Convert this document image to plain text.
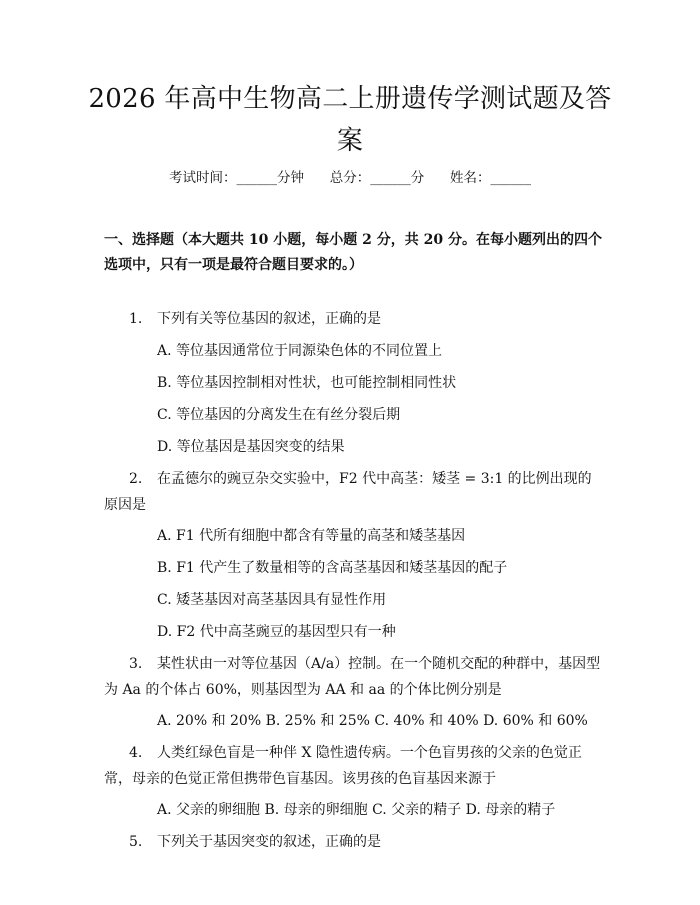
2026 年高中生物高二上册遗传学测试题及答案
考试时间：______分钟      总分：______分      姓名：______
一、选择题（本大题共 10 小题，每小题 2 分，共 20 分。在每小题列出的四个选项中，只有一项是最符合题目要求的。）
1. 下列有关等位基因的叙述，正确的是
A. 等位基因通常位于同源染色体的不同位置上
B. 等位基因控制相对性状，也可能控制相同性状
C. 等位基因的分离发生在有丝分裂后期
D. 等位基因是基因突变的结果
2. 在孟德尔的豌豆杂交实验中，F2 代中高茎：矮茎 = 3:1 的比例出现的原因是
A. F1 代所有细胞中都含有等量的高茎和矮茎基因
B. F1 代产生了数量相等的含高茎基因和矮茎基因的配子
C. 矮茎基因对高茎基因具有显性作用
D. F2 代中高茎豌豆的基因型只有一种
3. 某性状由一对等位基因（A/a）控制。在一个随机交配的种群中，基因型为 Aa 的个体占 60%，则基因型为 AA 和 aa 的个体比例分别是
A. 20% 和 20% B. 25% 和 25% C. 40% 和 40% D. 60% 和 60%
4. 人类红绿色盲是一种伴 X 隐性遗传病。一个色盲男孩的父亲的色觉正常，母亲的色觉正常但携带色盲基因。该男孩的色盲基因来源于
A. 父亲的卵细胞 B. 母亲的卵细胞 C. 父亲的精子 D. 母亲的精子
5. 下列关于基因突变的叙述，正确的是
